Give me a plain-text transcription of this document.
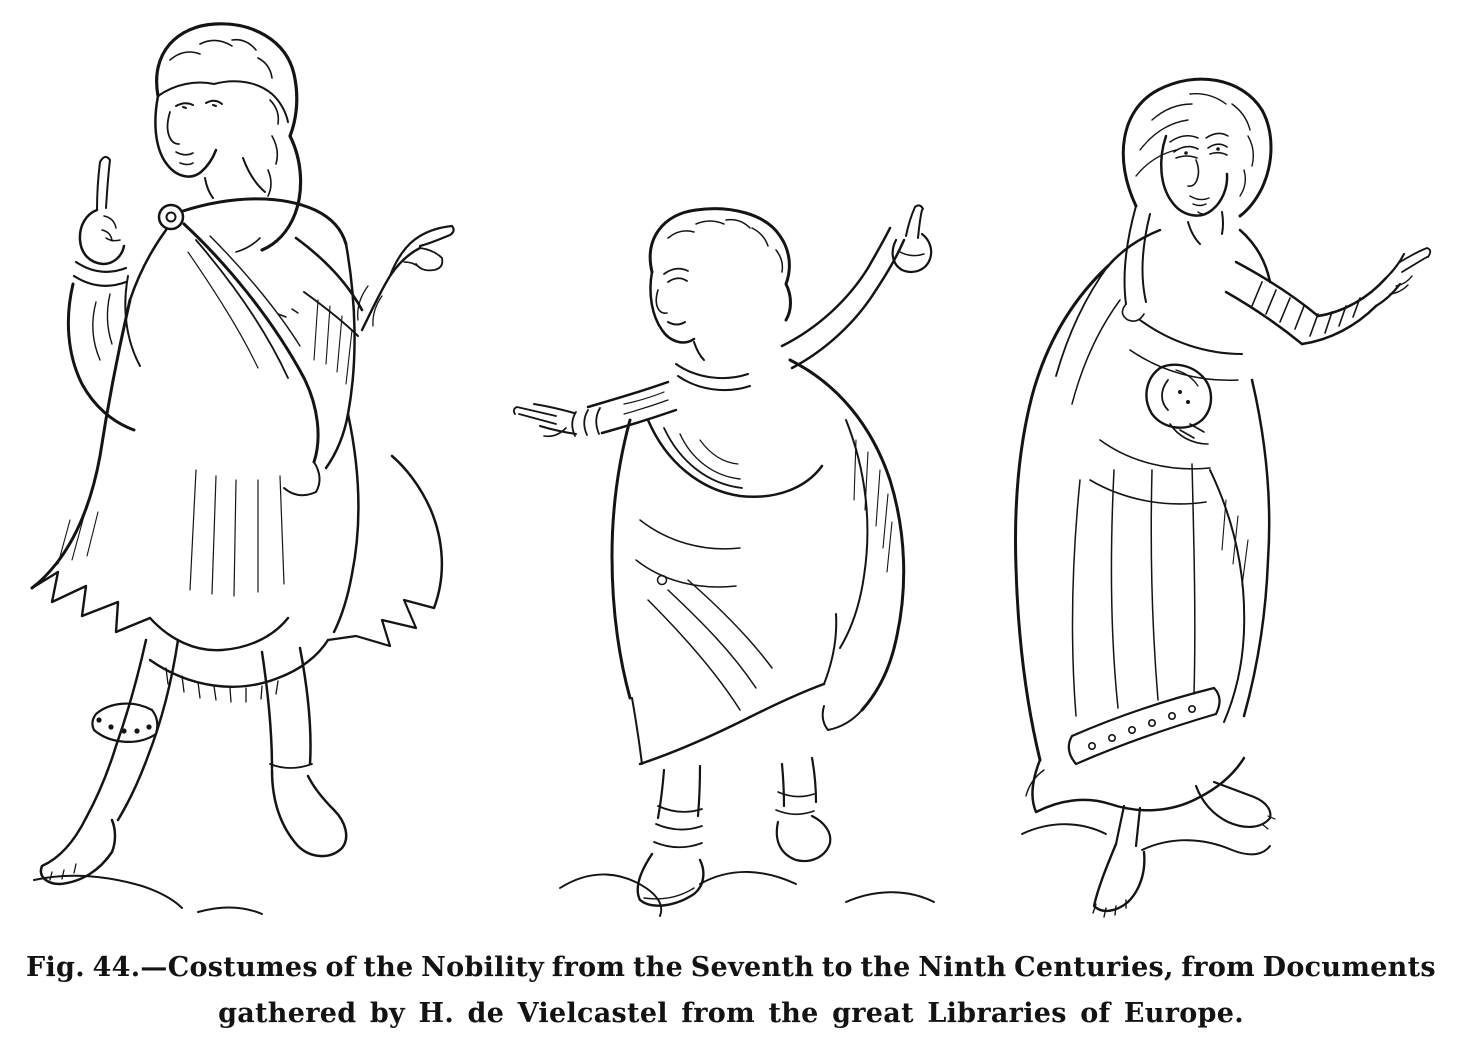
Fig. 44.—Costumes of the Nobility from the Seventh to the Ninth Centuries, from Documents
gathered by H. de Vielcastel from the great Libraries of Europe.
